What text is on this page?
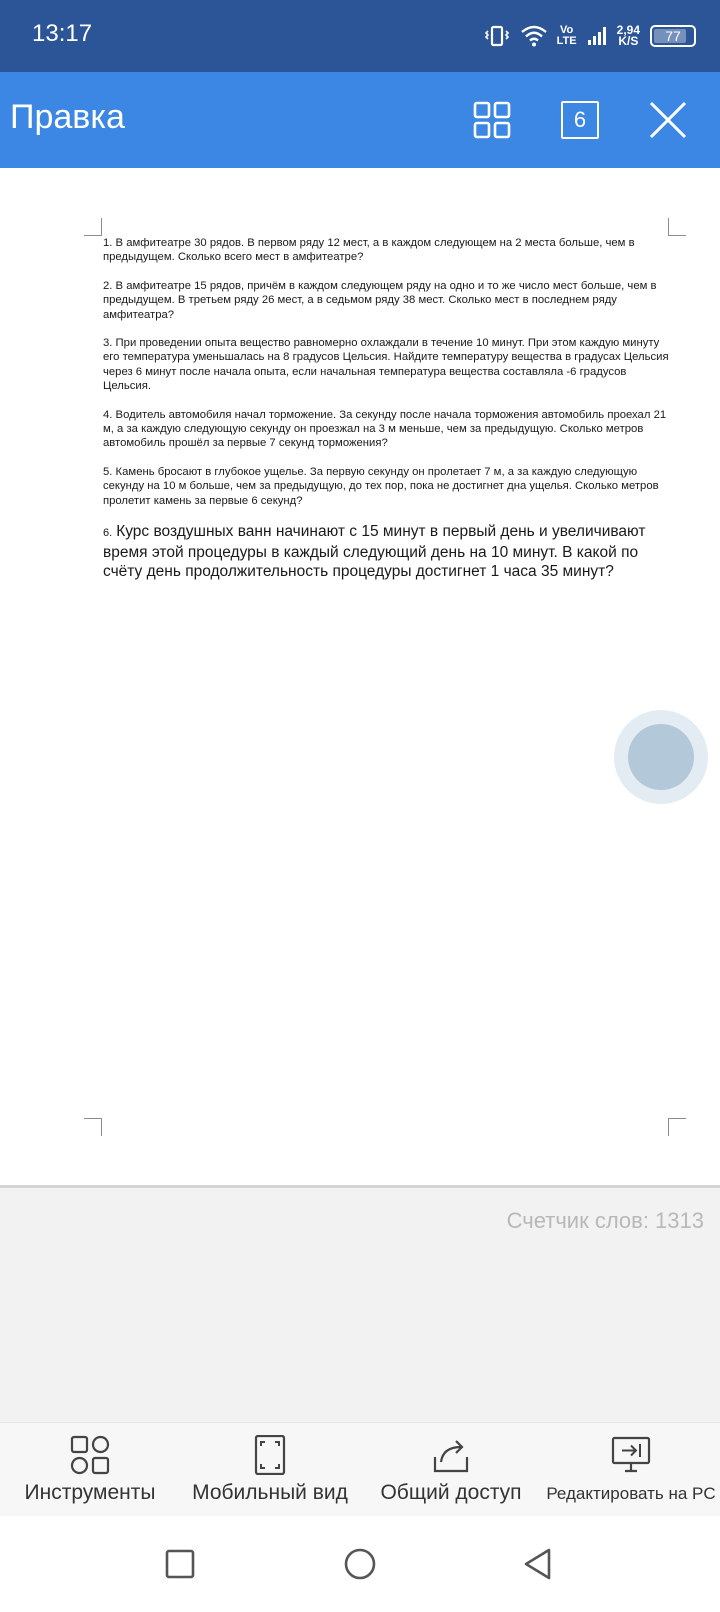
13:17	Vo
LTE
2,94
K/S 77
Правка	6

1. В амфитеатре 30 рядов. В первом ряду 12 мест, а в каждом следующем на 2 места больше, чем в предыдущем. Сколько всего мест в амфитеатре?

2. В амфитеатре 15 рядов, причём в каждом следующем ряду на одно и то же число мест больше, чем в предыдущем. В третьем ряду 26 мест, а в седьмом ряду 38 мест. Сколько мест в последнем ряду амфитеатра?

3. При проведении опыта вещество равномерно охлаждали в течение 10 минут. При этом каждую минуту его температура уменьшалась на 8 градусов Цельсия. Найдите температуру вещества в градусах Цельсия через 6 минут после начала опыта, если начальная температура вещества составляла -6 градусов Цельсия.

4. Водитель автомобиля начал торможение. За секунду после начала торможения автомобиль проехал 21 м, а за каждую следующую секунду он проезжал на 3 м меньше, чем за предыдущую. Сколько метров автомобиль прошёл за первые 7 секунд торможения?

5. Камень бросают в глубокое ущелье. За первую секунду он пролетает 7 м, а за каждую следующую секунду на 10 м больше, чем за предыдущую, до тех пор, пока не достигнет дна ущелья. Сколько метров пролетит камень за первые 6 секунд?

6. Курс воздушных ванн начинают с 15 минут в первый день и увеличивают время этой процедуры в каждый следующий день на 10 минут. В какой по счёту день продолжительность процедуры достигнет 1 часа 35 минут?

Счетчик слов: 1313
Инструменты Мобильный вид Общий доступ Редактировать на PC
